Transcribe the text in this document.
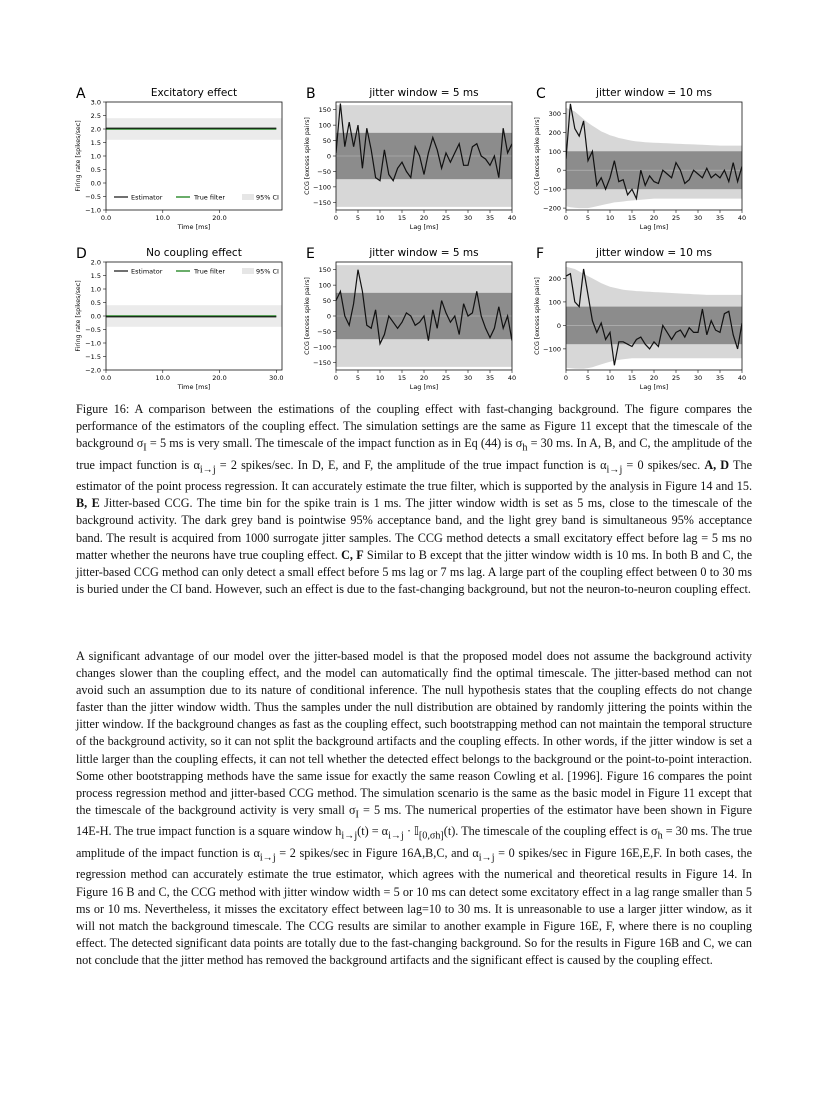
A	Excitatory effect
Estimator	True filter	95% CI
3.0
2.5
2.0
1.5
1.0
0.5
0.0
−0.5
−1.0
0.0	10.0	20.0
Time [ms]
Firing rate [spikes/sec]
B	jitter window = 5 ms
150
100
50
0
−50
−100
−150
0	5 10 15 20 25 30 35 40
Lag [ms]
CCG [excess spike pairs]
C	jitter window = 10 ms
300
200
100
0
−100
−200
0	5 10 15 20 25 30 35 40
Lag [ms]
CCG [excess spike pairs]
D	No coupling effect
Estimator	True filter	95% CI
2.0
1.5
1.0
0.5
0.0
−0.5
−1.0
−1.5
−2.0
0.0	10.0	20.0	30.0
Time [ms]
Firing rate [spikes/sec]
E	jitter window = 5 ms
150
100
50
0
−50
−100
−150
0	5 10 15 20 25 30 35 40
Lag [ms]
CCG [excess spike pairs]
F	jitter window = 10 ms
200
100
0
−100
0	5 10 15 20 25 30 35 40
Lag [ms]
CCG [excess spike pairs]

Figure 16: A comparison between the estimations of the coupling effect with fast-changing background. The figure compares the performance of the estimators of the coupling effect. The simulation settings are the same as Figure 11 except that the timescale of the background $\sigma_I = 5$ ms is very small. The timescale of the impact function as in Eq (44) is $\sigma_h = 30$ ms. In A, B, and C, the amplitude of the true impact function is $\alpha_{i\to j} = 2$ spikes/sec. In D, E, and F, the amplitude of the true impact function is $\alpha_{i\to j} = 0$ spikes/sec. A, D The estimator of the point process regression. It can accurately estimate the true filter, which is supported by the analysis in Figure 14 and 15. B, E Jitter-based CCG. The time bin for the spike train is 1 ms. The jitter window width is set as 5 ms, close to the timescale of the background activity. The dark grey band is pointwise 95% acceptance band, and the light grey band is simultaneous 95% acceptance band. The result is acquired from 1000 surrogate jitter samples. The CCG method detects a small excitatory effect before lag = 5 ms no matter whether the neurons have true coupling effect. C, F Similar to B except that the jitter window width is 10 ms. In both B and C, the jitter-based CCG method can only detect a small effect before 5 ms lag or 7 ms lag. A large part of the coupling effect between 0 to 30 ms is buried under the CI band. However, such an effect is due to the fast-changing background, but not the neuron-to-neuron coupling effect.

A significant advantage of our model over the jitter-based model is that the proposed model does not assume the background activity changes slower than the coupling effect, and the model can automatically find the optimal timescale. The jitter-based method can not avoid such an assumption due to its nature of conditional inference. The null hypothesis states that the coupling effects do not change faster than the jitter window width. Thus the samples under the null distribution are obtained by randomly jittering the points within the jitter window. If the background changes as fast as the coupling effect, such bootstrapping method can not maintain the temporal structure of the background activity, so it can not split the background artifacts and the coupling effects. In other words, if the jitter window is set a little larger than the coupling effects, it can not tell whether the detected effect belongs to the background or the point-to-point interaction. Some other bootstrapping methods have the same issue for exactly the same reason Cowling et al. [1996]. Figure 16 compares the point process regression method and jitter-based CCG method. The simulation scenario is the same as the basic model in Figure 11 except that the timescale of the background activity is very small $\sigma_I = 5$ ms. The numerical properties of the estimator have been shown in Figure 14E-H. The true impact function is a square window $h_{i\to j}(t) = \alpha_{i\to j}$ · 𝕀$_{[0,\sigma h]}$(t). The timescale of the coupling effect is $\sigma_h = 30$ ms. The true amplitude of the impact function is $\alpha_{i\to j} = 2$ spikes/sec in Figure 16A,B,C, and $\alpha_{i\to j} = 0$ spikes/sec in Figure 16E,E,F. In both cases, the regression method can accurately estimate the true estimator, which agrees with the numerical and theoretical results in Figure 14. In Figure 16 B and C, the CCG method with jitter window width = 5 or 10 ms can detect some excitatory effect in a lag range smaller than 5 ms or 10 ms. Nevertheless, it misses the excitatory effect between lag=10 to 30 ms. It is unreasonable to use a larger jitter window, as it will not match the background timescale. The CCG results are similar to another example in Figure 16E, F, where there is no coupling effect. The detected significant data points are totally due to the fast-changing background. So for the results in Figure 16B and C, we can not conclude that the jitter method has removed the background artifacts and the significant effect is caused by the coupling effect.
